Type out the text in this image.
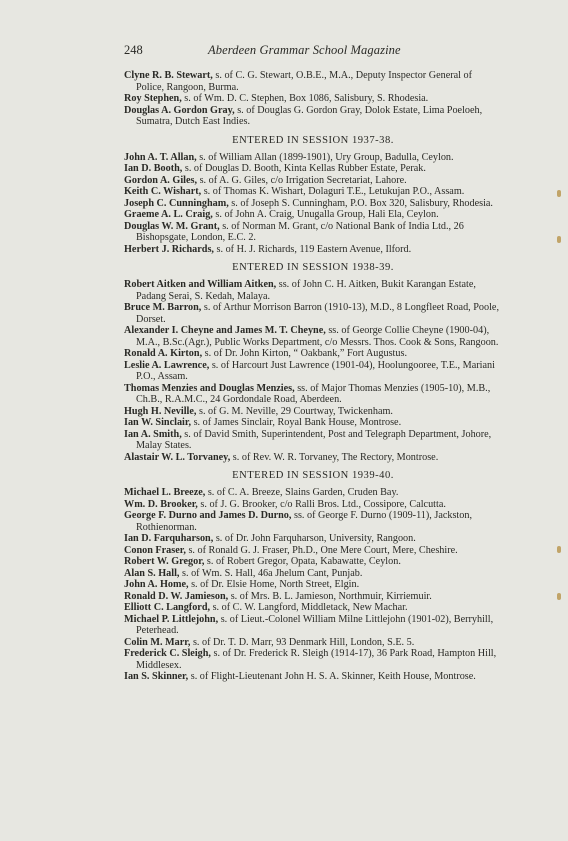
248	Aberdeen Grammar School Magazine

Clyne R. B. Stewart, s. of C. G. Stewart, O.B.E., M.A., Deputy Inspector General of Police, Rangoon, Burma.

Roy Stephen, s. of Wm. D. C. Stephen, Box 1086, Salisbury, S. Rhodesia.

Douglas A. Gordon Gray, s. of Douglas G. Gordon Gray, Dolok Estate, Lima Poeloeh, Sumatra, Dutch East Indies.

ENTERED IN SESSION 1937-38.

John A. T. Allan, s. of William Allan (1899-1901), Ury Group, Badulla, Ceylon.

Ian D. Booth, s. of Douglas D. Booth, Kinta Kellas Rubber Estate, Perak.

Gordon A. Giles, s. of A. G. Giles, c/o Irrigation Secretariat, Lahore.

Keith C. Wishart, s. of Thomas K. Wishart, Dolaguri T.E., Letukujan P.O., Assam.

Joseph C. Cunningham, s. of Joseph S. Cunningham, P.O. Box 320, Salisbury, Rhodesia.

Graeme A. L. Craig, s. of John A. Craig, Unugalla Group, Hali Ela, Ceylon.

Douglas W. M. Grant, s. of Norman M. Grant, c/o National Bank of India Ltd., 26 Bishopsgate, London, E.C. 2.

Herbert J. Richards, s. of H. J. Richards, 119 Eastern Avenue, Ilford.

ENTERED IN SESSION 1938-39.

Robert Aitken and William Aitken, ss. of John C. H. Aitken, Bukit Karangan Estate, Padang Serai, S. Kedah, Malaya.

Bruce M. Barron, s. of Arthur Morrison Barron (1910-13), M.D., 8 Longfleet Road, Poole, Dorset.

Alexander I. Cheyne and James M. T. Cheyne, ss. of George Collie Cheyne (1900-04), M.A., B.Sc.(Agr.), Public Works Department, c/o Messrs. Thos. Cook & Sons, Rangoon.

Ronald A. Kirton, s. of Dr. John Kirton, “ Oakbank,” Fort Augustus.

Leslie A. Lawrence, s. of Harcourt Just Lawrence (1901-04), Hoolungooree, T.E., Mariani P.O., Assam.

Thomas Menzies and Douglas Menzies, ss. of Major Thomas Menzies (1905-10), M.B., Ch.B., R.A.M.C., 24 Gordondale Road, Aberdeen.

Hugh H. Neville, s. of G. M. Neville, 29 Courtway, Twickenham.

Ian W. Sinclair, s. of James Sinclair, Royal Bank House, Montrose.

Ian A. Smith, s. of David Smith, Superintendent, Post and Telegraph Department, Johore, Malay States.

Alastair W. L. Torvaney, s. of Rev. W. R. Torvaney, The Rectory, Montrose.

ENTERED IN SESSION 1939-40.

Michael L. Breeze, s. of C. A. Breeze, Slains Garden, Cruden Bay.

Wm. D. Brooker, s. of J. G. Brooker, c/o Ralli Bros. Ltd., Cossipore, Calcutta.

George F. Durno and James D. Durno, ss. of George F. Durno (1909-11), Jackston, Rothienorman.

Ian D. Farquharson, s. of Dr. John Farquharson, University, Rangoon.

Conon Fraser, s. of Ronald G. J. Fraser, Ph.D., One Mere Court, Mere, Cheshire.

Robert W. Gregor, s. of Robert Gregor, Opata, Kabawatte, Ceylon.

Alan S. Hall, s. of Wm. S. Hall, 46a Jhelum Cant, Punjab.

John A. Home, s. of Dr. Elsie Home, North Street, Elgin.

Ronald D. W. Jamieson, s. of Mrs. B. L. Jamieson, Northmuir, Kirriemuir.

Elliott C. Langford, s. of C. W. Langford, Middletack, New Machar.

Michael P. Littlejohn, s. of Lieut.-Colonel William Milne Littlejohn (1901-02), Berryhill, Peterhead.

Colin M. Marr, s. of Dr. T. D. Marr, 93 Denmark Hill, London, S.E. 5.

Frederick C. Sleigh, s. of Dr. Frederick R. Sleigh (1914-17), 36 Park Road, Hampton Hill, Middlesex.

Ian S. Skinner, s. of Flight-Lieutenant John H. S. A. Skinner, Keith House, Montrose.
